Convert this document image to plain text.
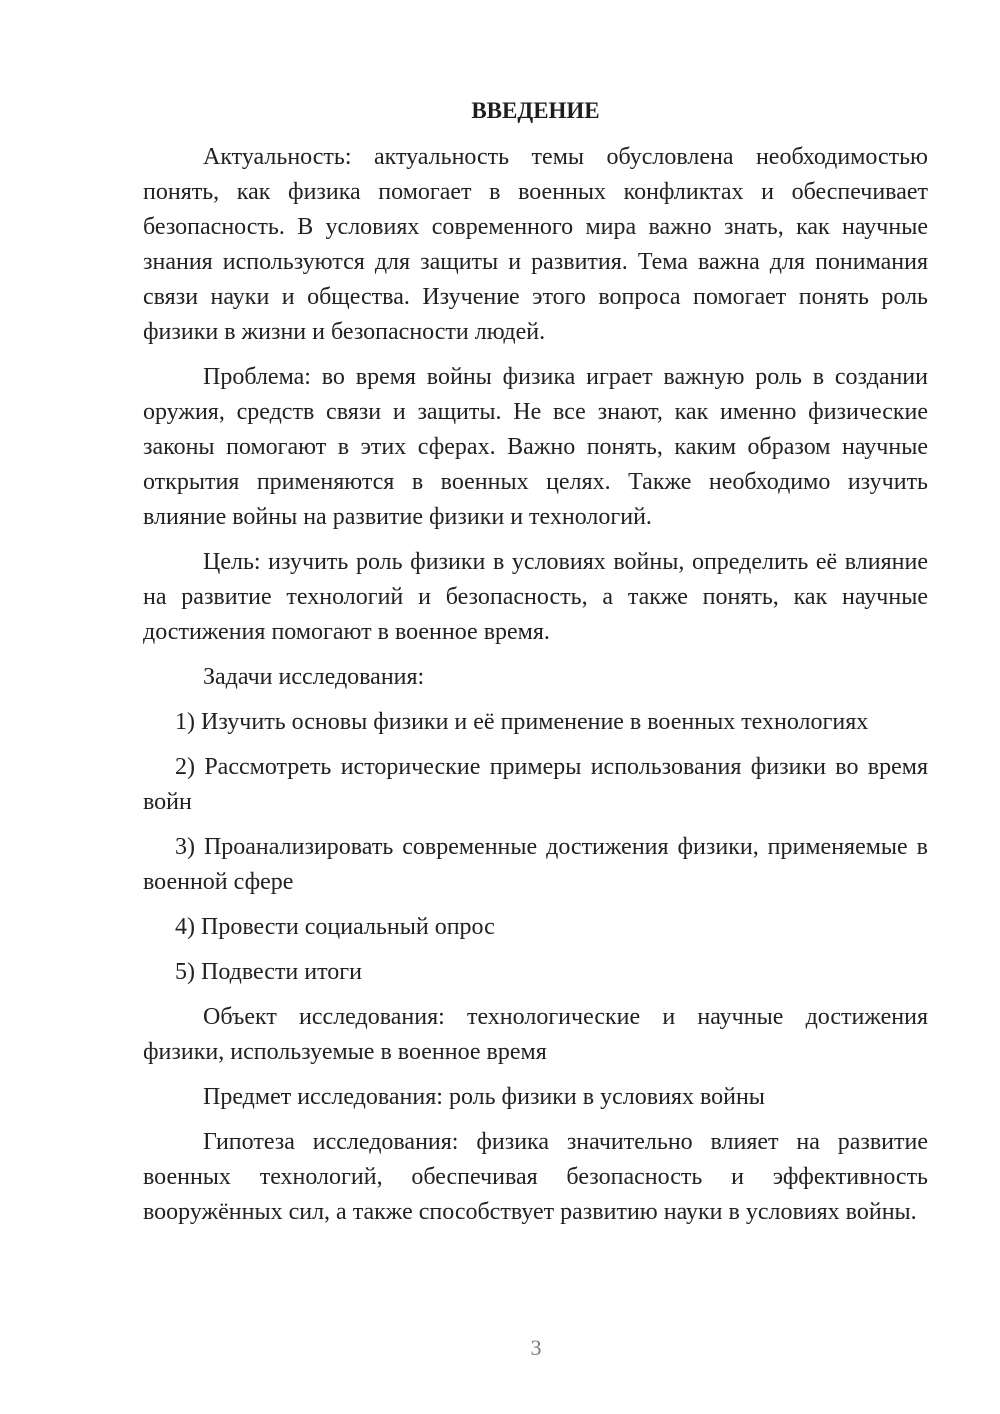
ВВЕДЕНИЕ

Актуальность: актуальность темы обусловлена необходимостью понять, как физика помогает в военных конфликтах и обеспечивает безопасность. В условиях современного мира важно знать, как научные знания используются для защиты и развития. Тема важна для понимания связи науки и общества. Изучение этого вопроса помогает понять роль физики в жизни и безопасности людей.

Проблема: во время войны физика играет важную роль в создании оружия, средств связи и защиты. Не все знают, как именно физические законы помогают в этих сферах. Важно понять, каким образом научные открытия применяются в военных целях. Также необходимо изучить влияние войны на развитие физики и технологий.

Цель: изучить роль физики в условиях войны, определить её влияние на развитие технологий и безопасность, а также понять, как научные достижения помогают в военное время.

Задачи исследования:

1) Изучить основы физики и её применение в военных технологиях

2) Рассмотреть исторические примеры использования физики во время войн

3) Проанализировать современные достижения физики, применяемые в военной сфере

4) Провести социальный опрос

5) Подвести итоги

Объект исследования: технологические и научные достижения физики, используемые в военное время

Предмет исследования: роль физики в условиях войны

Гипотеза исследования: физика значительно влияет на развитие военных технологий, обеспечивая безопасность и эффективность вооружённых сил, а также способствует развитию науки в условиях войны.

3
